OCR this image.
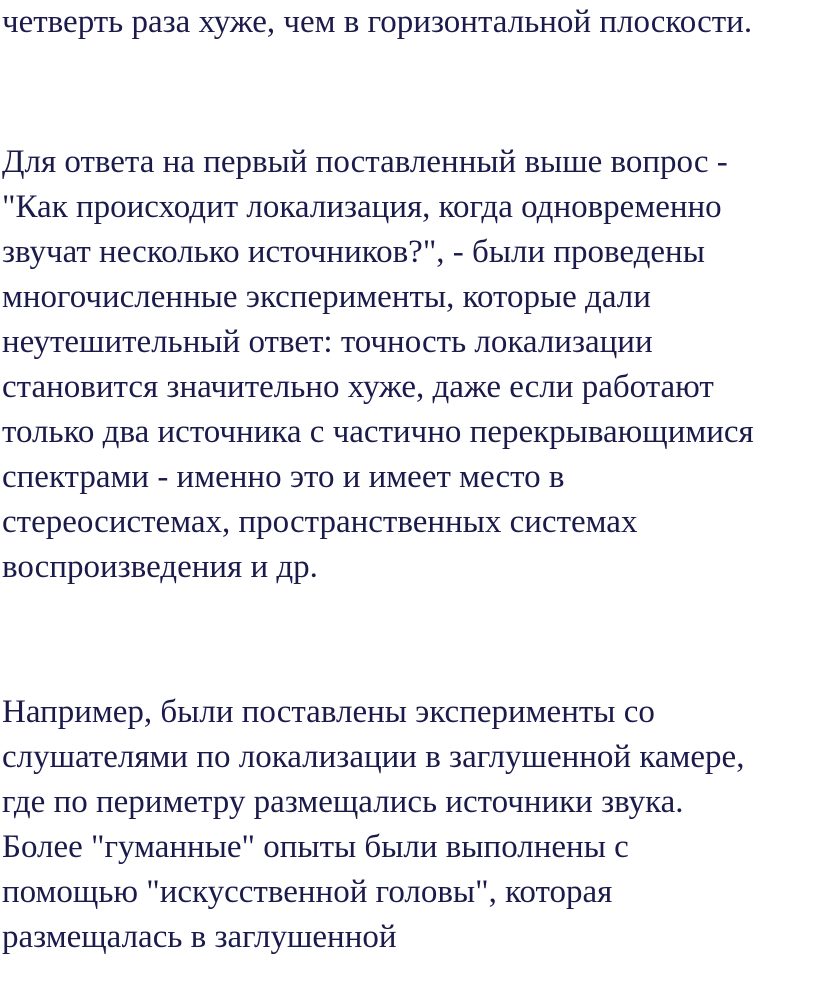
четверть раза хуже, чем в горизонтальной плоскости.
Для ответа на первый поставленный выше вопрос -
"Как происходит локализация, когда одновременно
звучат несколько источников?", - были проведены
многочисленные эксперименты, которые дали
неутешительный ответ: точность локализации
становится значительно хуже, даже если работают
только два источника с частично перекрывающимися
спектрами - именно это и имеет место в
стереосистемах, пространственных системах
воспроизведения и др.
Например, были поставлены эксперименты со
слушателями по локализации в заглушенной камере,
где по периметру размещались источники звука.
Более "гуманные" опыты были выполнены с
помощью "искусственной головы", которая
размещалась в заглушенной
